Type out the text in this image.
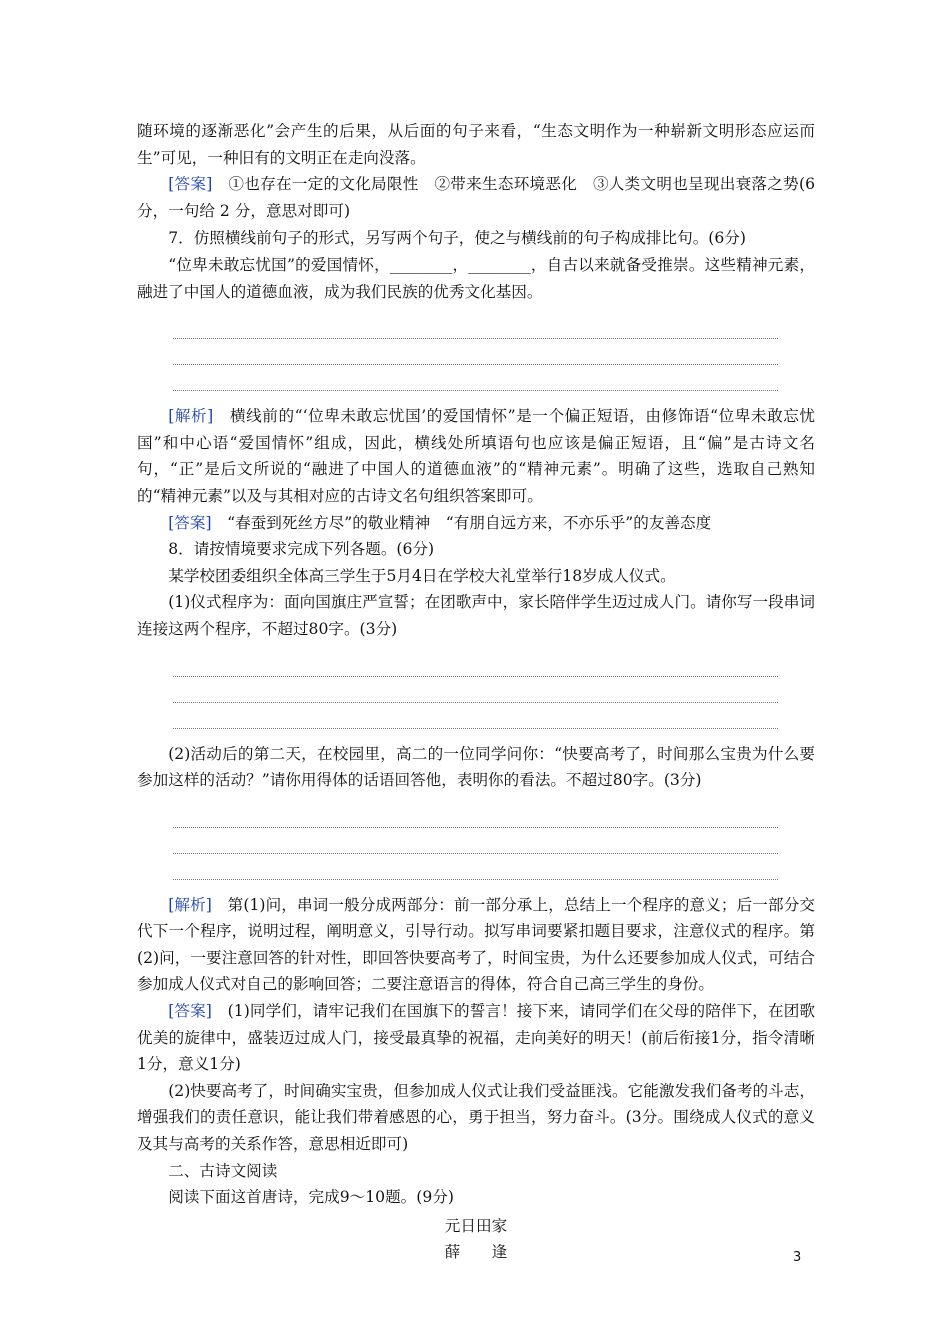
随环境的逐渐恶化”会产生的后果，从后面的句子来看，“生态文明作为一种崭新文明形态应运而生”可见，一种旧有的文明正在走向没落。

[答案]　①也存在一定的文化局限性　②带来生态环境恶化　③人类文明也呈现出衰落之势(6 分，一句给 2 分，意思对即可)

7．仿照横线前句子的形式，另写两个句子，使之与横线前的句子构成排比句。(6分)

“位卑未敢忘忧国”的爱国情怀，________，________，自古以来就备受推崇。这些精神元素，融进了中国人的道德血液，成为我们民族的优秀文化基因。

[解析]　横线前的“‘位卑未敢忘忧国’的爱国情怀”是一个偏正短语，由修饰语“位卑未敢忘忧国”和中心语“爱国情怀”组成，因此，横线处所填语句也应该是偏正短语，且“偏”是古诗文名句，“正”是后文所说的“融进了中国人的道德血液”的“精神元素”。明确了这些，选取自己熟知的“精神元素”以及与其相对应的古诗文名句组织答案即可。

[答案]　“春蚕到死丝方尽”的敬业精神　“有朋自远方来，不亦乐乎”的友善态度

8．请按情境要求完成下列各题。(6分)

某学校团委组织全体高三学生于5月4日在学校大礼堂举行18岁成人仪式。

(1)仪式程序为：面向国旗庄严宣誓；在团歌声中，家长陪伴学生迈过成人门。请你写一段串词连接这两个程序，不超过80字。(3分)

(2)活动后的第二天，在校园里，高二的一位同学问你：“快要高考了，时间那么宝贵为什么要参加这样的活动？”请你用得体的话语回答他，表明你的看法。不超过80字。(3分)

[解析]　第(1)问，串词一般分成两部分：前一部分承上，总结上一个程序的意义；后一部分交代下一个程序，说明过程，阐明意义，引导行动。拟写串词要紧扣题目要求，注意仪式的程序。第(2)问，一要注意回答的针对性，即回答快要高考了，时间宝贵，为什么还要参加成人仪式，可结合参加成人仪式对自己的影响回答；二要注意语言的得体，符合自己高三学生的身份。

[答案]　(1)同学们，请牢记我们在国旗下的誓言！接下来，请同学们在父母的陪伴下，在团歌优美的旋律中，盛装迈过成人门，接受最真挚的祝福，走向美好的明天！(前后衔接1分，指令清晰1分，意义1分)

(2)快要高考了，时间确实宝贵，但参加成人仪式让我们受益匪浅。它能激发我们备考的斗志，增强我们的责任意识，能让我们带着感恩的心，勇于担当，努力奋斗。(3分。围绕成人仪式的意义及其与高考的关系作答，意思相近即可)

二、古诗文阅读

阅读下面这首唐诗，完成9～10题。(9分)

元日田家

薛 逢	3
